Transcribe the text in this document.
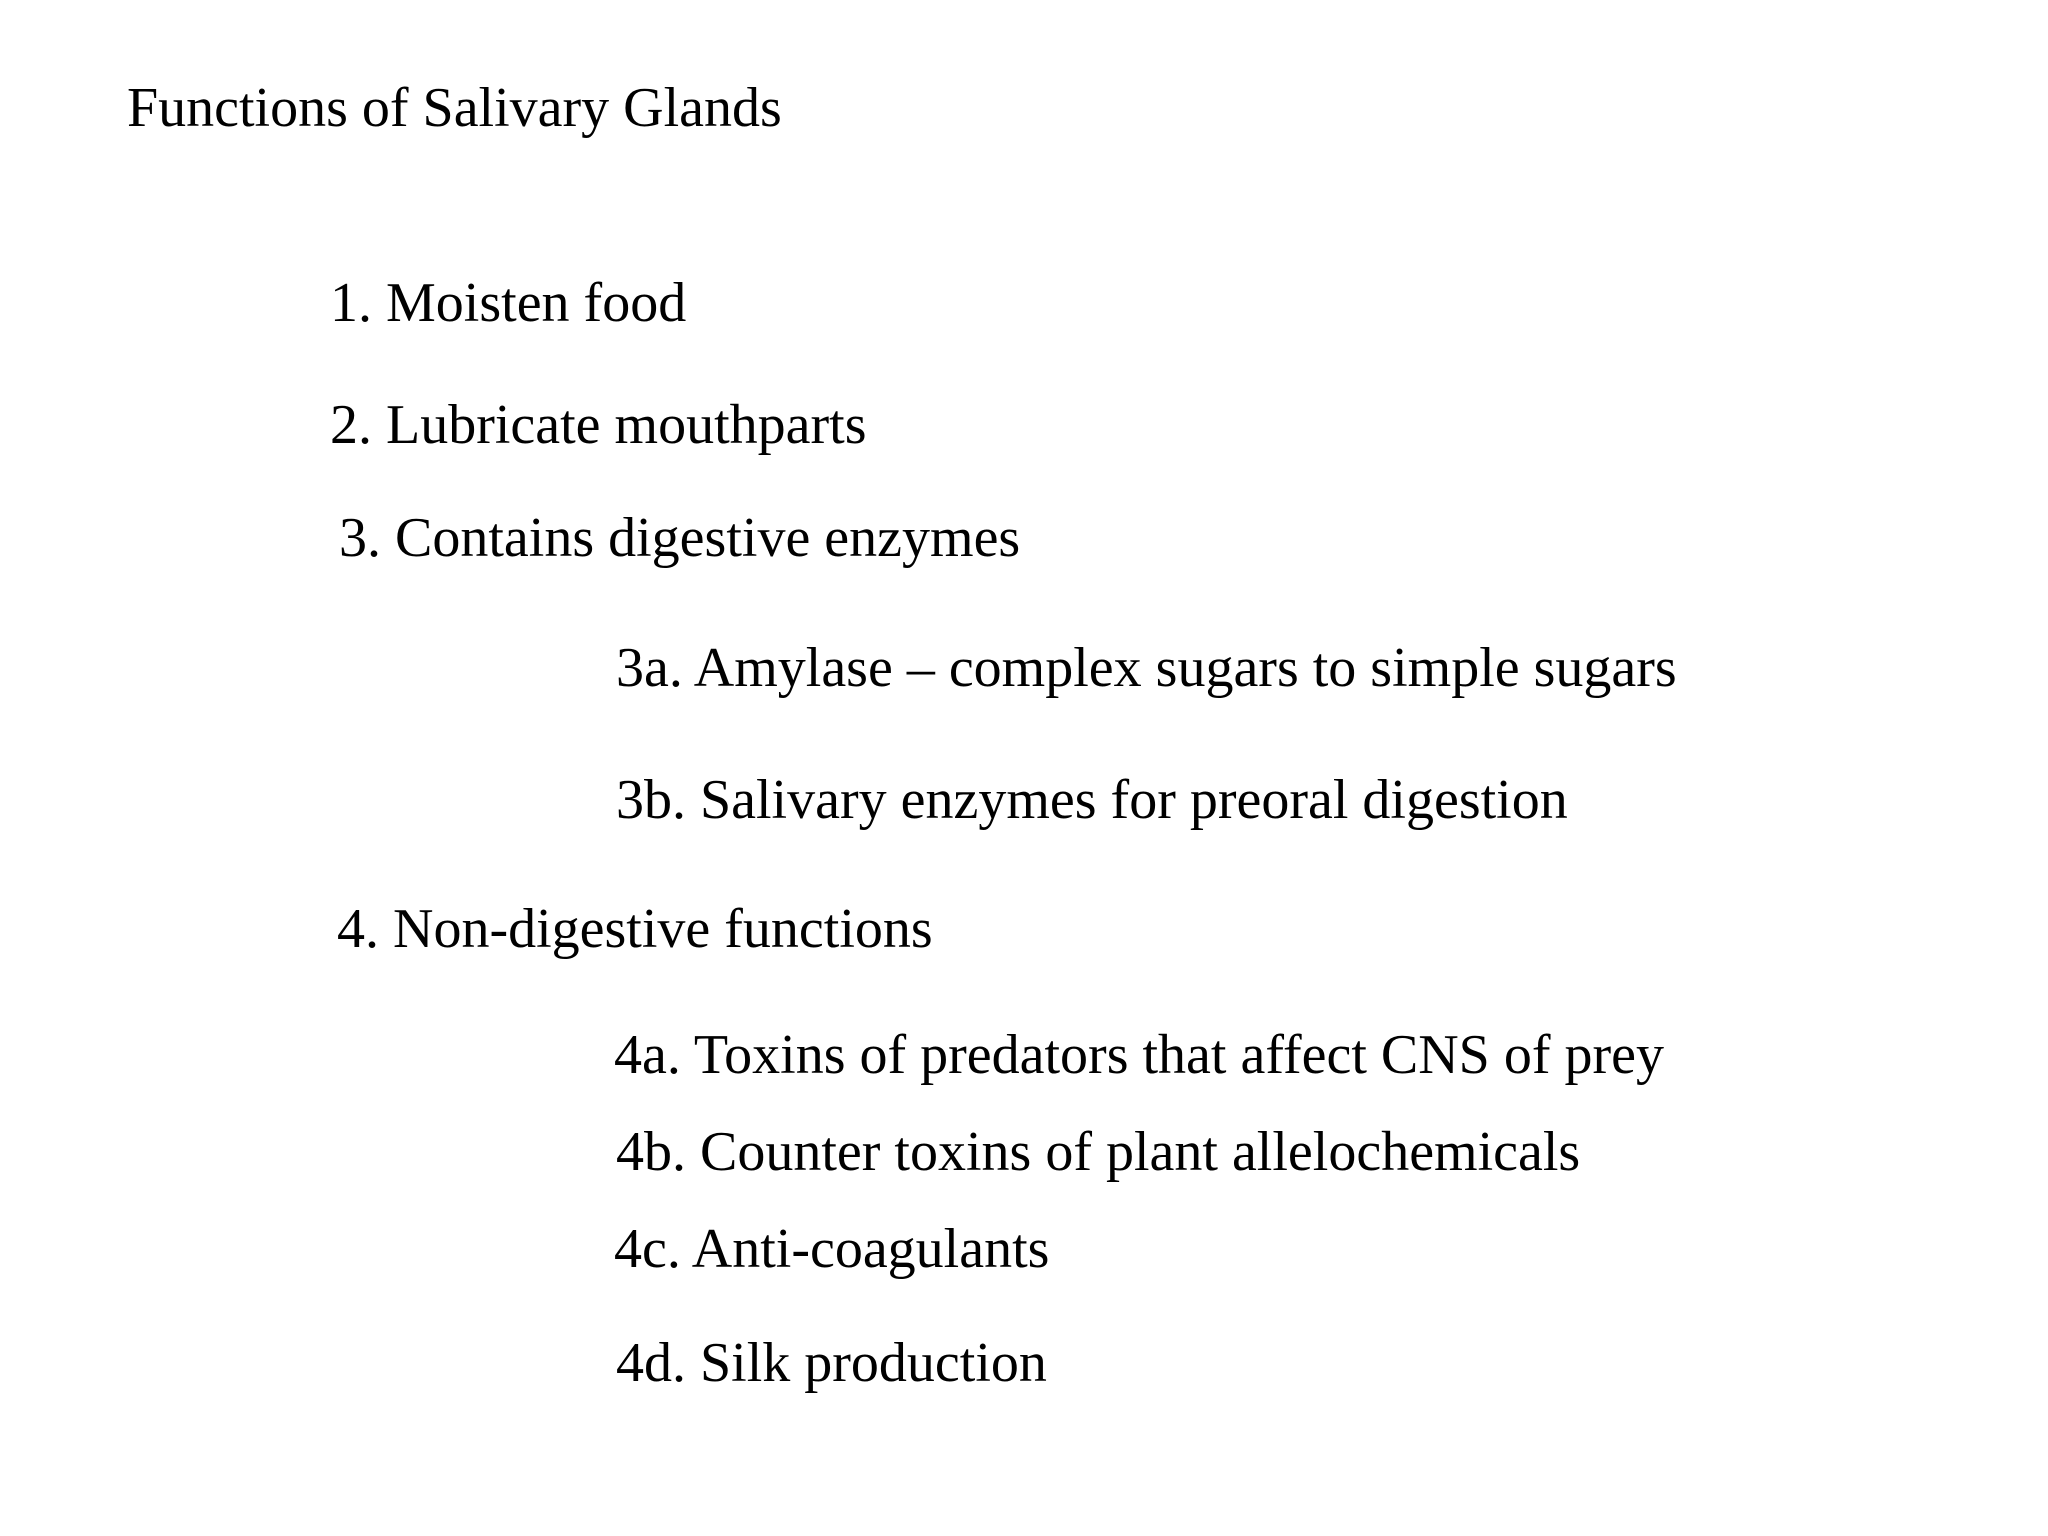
Functions of Salivary Glands
1. Moisten food
2. Lubricate mouthparts
3. Contains digestive enzymes
3a. Amylase – complex sugars to simple sugars
3b. Salivary enzymes for preoral digestion
4. Non-digestive functions
4a. Toxins of predators that affect CNS of prey
4b. Counter toxins of plant allelochemicals
4c. Anti-coagulants
4d. Silk production
